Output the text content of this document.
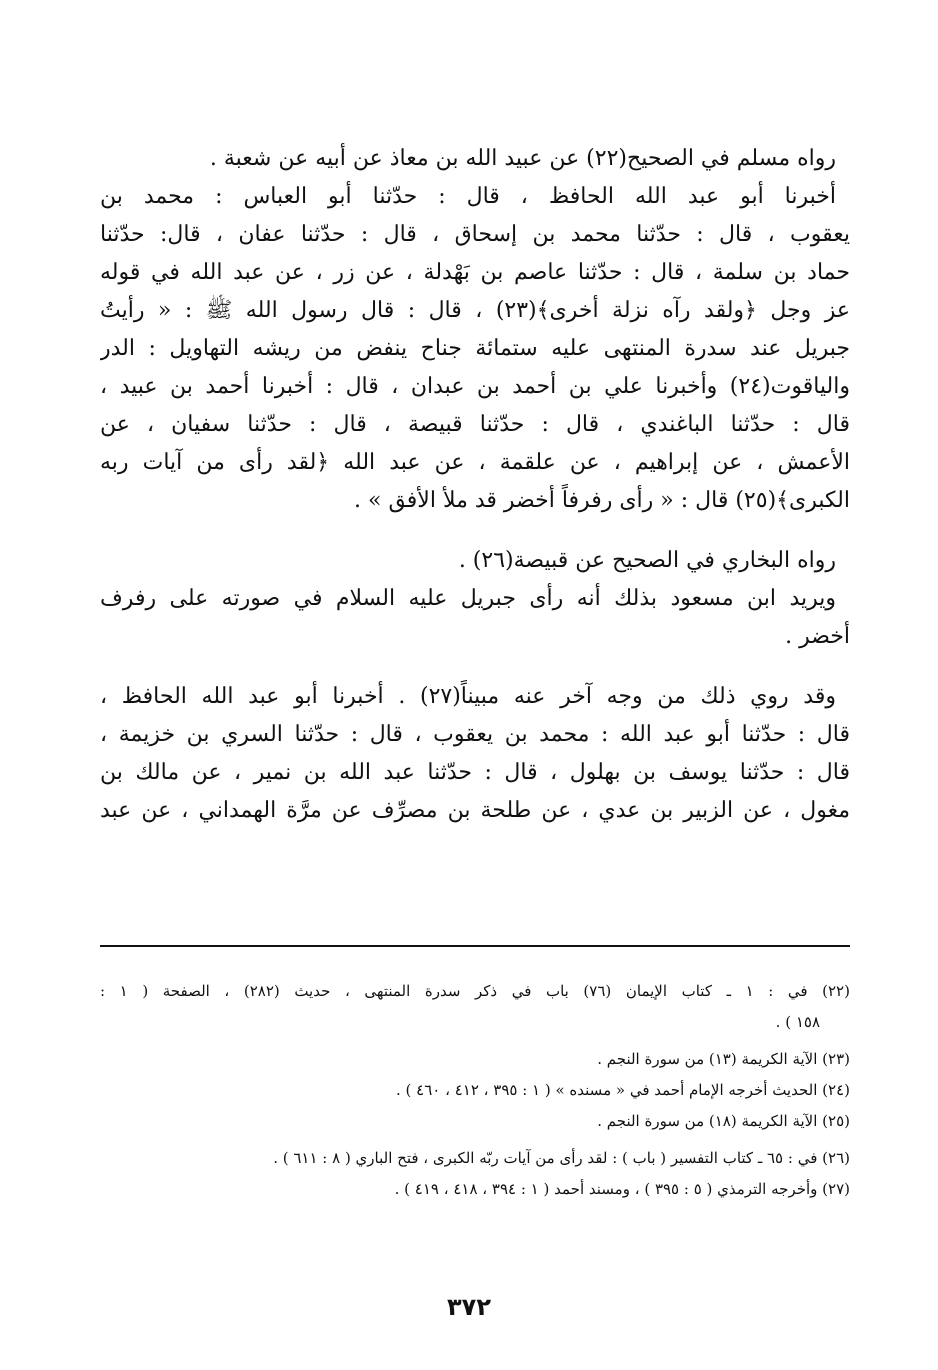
رواه مسلم في الصحيح(٢٢) عن عبيد الله بن معاذ عن أبيه عن شعبة .

أخبرنا أبو عبد الله الحافظ ، قال : حدّثنا أبو العباس : محمد بن

يعقوب ، قال : حدّثنا محمد بن إسحاق ، قال : حدّثنا عفان ، قال: حدّثنا

حماد بن سلمة ، قال : حدّثنا عاصم بن بَهْدلة ، عن زر ، عن عبد الله في قوله

عز وجل ﴿ولقد رآه نزلة أخرى﴾(٢٣) ، قال : قال رسول الله ﷺ : « رأيتُ

جبريل عند سدرة المنتهى عليه ستمائة جناح ينفض من ريشه التهاويل : الدر

والياقوت(٢٤) وأخبرنا علي بن أحمد بن عبدان ، قال : أخبرنا أحمد بن عبيد ،

قال : حدّثنا الباغندي ، قال : حدّثنا قبيصة ، قال : حدّثنا سفيان ، عن

الأعمش ، عن إبراهيم ، عن علقمة ، عن عبد الله ﴿لقد رأى من آيات ربه

الكبرى﴾(٢٥) قال : « رأى رفرفاً أخضر قد ملأ الأفق » .

رواه البخاري في الصحيح عن قبيصة(٢٦) .

ويريد ابن مسعود بذلك أنه رأى جبريل عليه السلام في صورته على رفرف

أخضر .

وقد روي ذلك من وجه آخر عنه مبيناً(٢٧) . أخبرنا أبو عبد الله الحافظ ،

قال : حدّثنا أبو عبد الله : محمد بن يعقوب ، قال : حدّثنا السري بن خزيمة ،

قال : حدّثنا يوسف بن بهلول ، قال : حدّثنا عبد الله بن نمير ، عن مالك بن

مغول ، عن الزبير بن عدي ، عن طلحة بن مصرِّف عن مرَّة الهمداني ، عن عبد

(٢٢) في : ١ ـ كتاب الإيمان (٧٦) باب في ذكر سدرة المنتهى ، حديث (٢٨٢) ، الصفحة ( ١ :

١٥٨ ) .

(٢٣) الآية الكريمة (١٣) من سورة النجم .

(٢٤) الحديث أخرجه الإمام أحمد في « مسنده » ( ١ : ٣٩٥ ، ٤١٢ ، ٤٦٠ ) .

(٢٥) الآية الكريمة (١٨) من سورة النجم .

(٢٦) في : ٦٥ ـ كتاب التفسير ( باب ) : لقد رأى من آيات ربّه الكبرى ، فتح الباري ( ٨ : ٦١١ ) .

(٢٧) وأخرجه الترمذي ( ٥ : ٣٩٥ ) ، ومسند أحمد ( ١ : ٣٩٤ ، ٤١٨ ، ٤١٩ ) .

٣٧٢
